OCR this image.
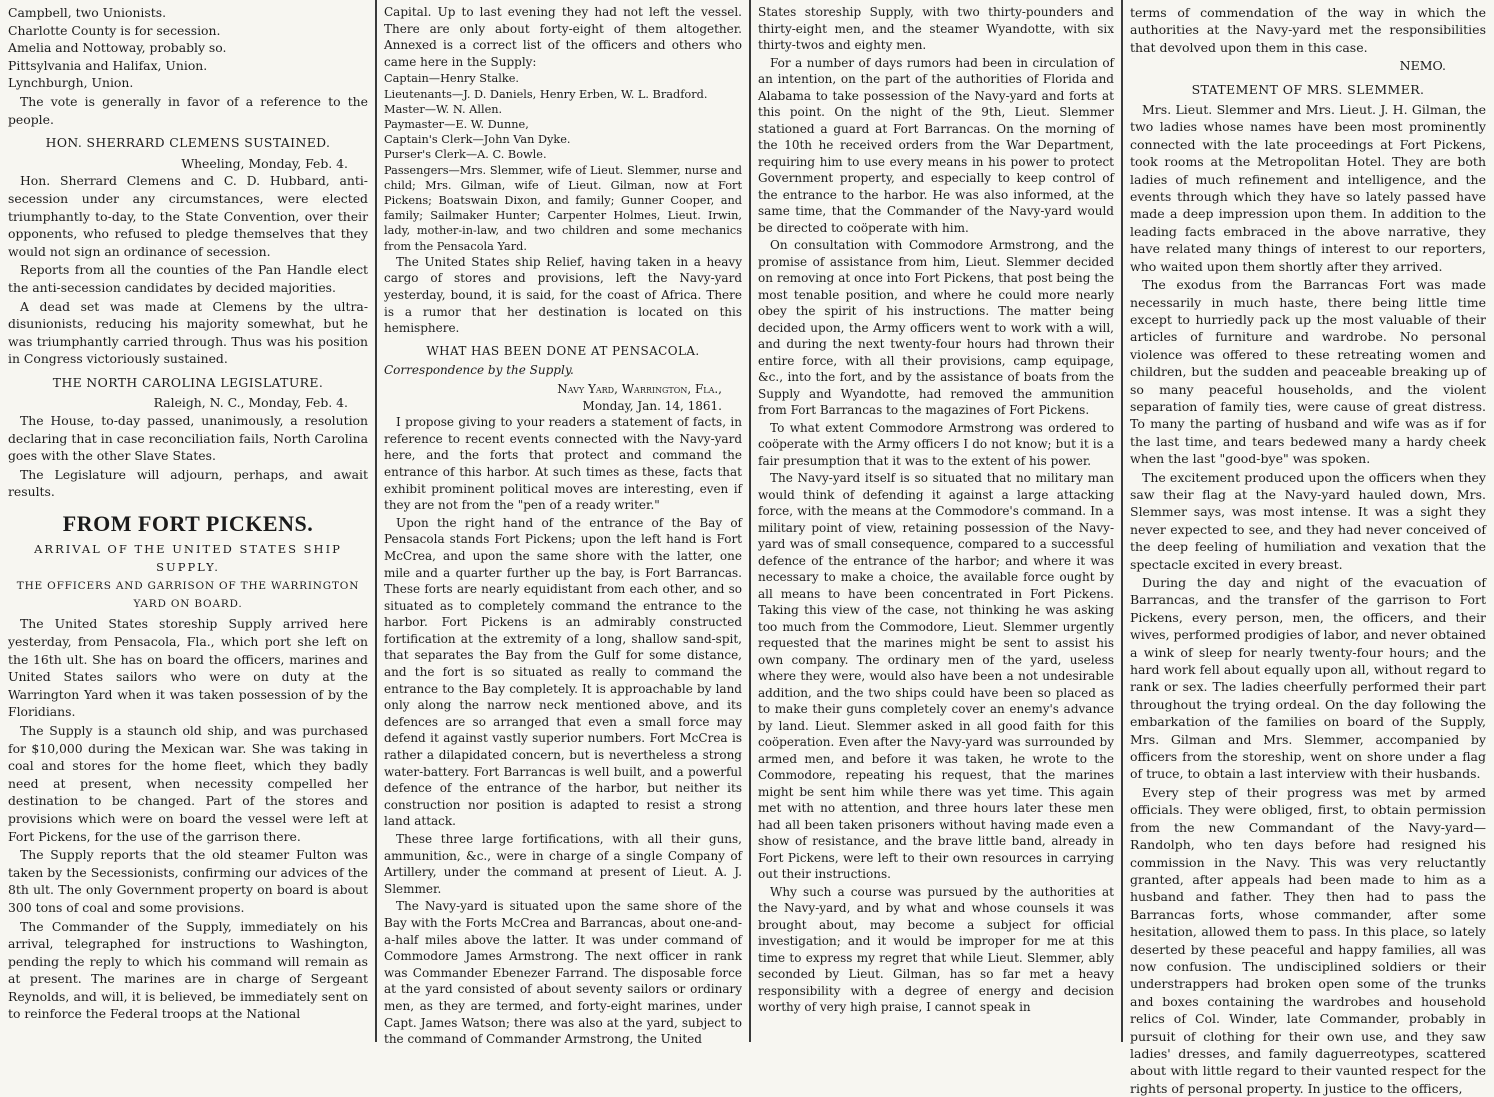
Campbell, two Unionists.
Charlotte County is for secession.
Amelia and Nottoway, probably so.
Pittsylvania and Halifax, Union.
Lynchburgh, Union.

The vote is generally in favor of a reference to the people.

HON. SHERRARD CLEMENS SUSTAINED.
Wheeling, Monday, Feb. 4.

Hon. Sherrard Clemens and C. D. Hubbard, anti-secession under any circumstances, were elected triumphantly to-day, to the State Convention, over their opponents, who refused to pledge themselves that they would not sign an ordinance of secession.

Reports from all the counties of the Pan Handle elect the anti-secession candidates by decided majorities.

A dead set was made at Clemens by the ultra-disunionists, reducing his majority somewhat, but he was triumphantly carried through. Thus was his position in Congress victoriously sustained.

THE NORTH CAROLINA LEGISLATURE.
Raleigh, N. C., Monday, Feb. 4.

The House, to-day passed, unanimously, a resolution declaring that in case reconciliation fails, North Carolina goes with the other Slave States.

The Legislature will adjourn, perhaps, and await results.

FROM FORT PICKENS.
ARRIVAL OF THE UNITED STATES SHIP SUPPLY.
THE OFFICERS AND GARRISON OF THE WARRINGTON YARD ON BOARD.

The United States storeship Supply arrived here yesterday, from Pensacola, Fla., which port she left on the 16th ult. She has on board the officers, marines and United States sailors who were on duty at the Warrington Yard when it was taken possession of by the Floridians.

The Supply is a staunch old ship, and was purchased for $10,000 during the Mexican war. She was taking in coal and stores for the home fleet, which they badly need at present, when necessity compelled her destination to be changed. Part of the stores and provisions which were on board the vessel were left at Fort Pickens, for the use of the garrison there.

The Supply reports that the old steamer Fulton was taken by the Secessionists, confirming our advices of the 8th ult. The only Government property on board is about 300 tons of coal and some provisions.

The Commander of the Supply, immediately on his arrival, telegraphed for instructions to Washington, pending the reply to which his command will remain as at present. The marines are in charge of Sergeant Reynolds, and will, it is believed, be immediately sent on to reinforce the Federal troops at the National

Capital. Up to last evening they had not left the vessel. There are only about forty-eight of them altogether. Annexed is a correct list of the officers and others who came here in the Supply:

Captain—Henry Stalke.
Lieutenants—J. D. Daniels, Henry Erben, W. L. Bradford.
Master—W. N. Allen.
Paymaster—E. W. Dunne,
Captain's Clerk—John Van Dyke.
Purser's Clerk—A. C. Bowle.
Passengers—Mrs. Slemmer, wife of Lieut. Slemmer, nurse and child; Mrs. Gilman, wife of Lieut. Gilman, now at Fort Pickens; Boatswain Dixon, and family; Gunner Cooper, and family; Sailmaker Hunter; Carpenter Holmes, Lieut. Irwin, lady, mother-in-law, and two children and some mechanics from the Pensacola Yard.

The United States ship Relief, having taken in a heavy cargo of stores and provisions, left the Navy-yard yesterday, bound, it is said, for the coast of Africa. There is a rumor that her destination is located on this hemisphere.

WHAT HAS BEEN DONE AT PENSACOLA.
Correspondence by the Supply.
Navy Yard, Warrington, Fla.,
Monday, Jan. 14, 1861.

I propose giving to your readers a statement of facts, in reference to recent events connected with the Navy-yard here, and the forts that protect and command the entrance of this harbor. At such times as these, facts that exhibit prominent political moves are interesting, even if they are not from the "pen of a ready writer."

Upon the right hand of the entrance of the Bay of Pensacola stands Fort Pickens; upon the left hand is Fort McCrea, and upon the same shore with the latter, one mile and a quarter further up the bay, is Fort Barrancas. These forts are nearly equidistant from each other, and so situated as to completely command the entrance to the harbor. Fort Pickens is an admirably constructed fortification at the extremity of a long, shallow sand-spit, that separates the Bay from the Gulf for some distance, and the fort is so situated as really to command the entrance to the Bay completely. It is approachable by land only along the narrow neck mentioned above, and its defences are so arranged that even a small force may defend it against vastly superior numbers. Fort McCrea is rather a dilapidated concern, but is nevertheless a strong water-battery. Fort Barrancas is well built, and a powerful defence of the entrance of the harbor, but neither its construction nor position is adapted to resist a strong land attack.

These three large fortifications, with all their guns, ammunition, &c., were in charge of a single Company of Artillery, under the command at present of Lieut. A. J. Slemmer.

The Navy-yard is situated upon the same shore of the Bay with the Forts McCrea and Barrancas, about one-and-a-half miles above the latter. It was under command of Commodore James Armstrong. The next officer in rank was Commander Ebenezer Farrand. The disposable force at the yard consisted of about seventy sailors or ordinary men, as they are termed, and forty-eight marines, under Capt. James Watson; there was also at the yard, subject to the command of Commander Armstrong, the United

States storeship Supply, with two thirty-pounders and thirty-eight men, and the steamer Wyandotte, with six thirty-twos and eighty men.

For a number of days rumors had been in circulation of an intention, on the part of the authorities of Florida and Alabama to take possession of the Navy-yard and forts at this point. On the night of the 9th, Lieut. Slemmer stationed a guard at Fort Barrancas. On the morning of the 10th he received orders from the War Department, requiring him to use every means in his power to protect Government property, and especially to keep control of the entrance to the harbor. He was also informed, at the same time, that the Commander of the Navy-yard would be directed to coöperate with him.

On consultation with Commodore Armstrong, and the promise of assistance from him, Lieut. Slemmer decided on removing at once into Fort Pickens, that post being the most tenable position, and where he could more nearly obey the spirit of his instructions. The matter being decided upon, the Army officers went to work with a will, and during the next twenty-four hours had thrown their entire force, with all their provisions, camp equipage, &c., into the fort, and by the assistance of boats from the Supply and Wyandotte, had removed the ammunition from Fort Barrancas to the magazines of Fort Pickens.

To what extent Commodore Armstrong was ordered to coöperate with the Army officers I do not know; but it is a fair presumption that it was to the extent of his power.

The Navy-yard itself is so situated that no military man would think of defending it against a large attacking force, with the means at the Commodore's command. In a military point of view, retaining possession of the Navy-yard was of small consequence, compared to a successful defence of the entrance of the harbor; and where it was necessary to make a choice, the available force ought by all means to have been concentrated in Fort Pickens. Taking this view of the case, not thinking he was asking too much from the Commodore, Lieut. Slemmer urgently requested that the marines might be sent to assist his own company. The ordinary men of the yard, useless where they were, would also have been a not undesirable addition, and the two ships could have been so placed as to make their guns completely cover an enemy's advance by land. Lieut. Slemmer asked in all good faith for this coöperation. Even after the Navy-yard was surrounded by armed men, and before it was taken, he wrote to the Commodore, repeating his request, that the marines might be sent him while there was yet time. This again met with no attention, and three hours later these men had all been taken prisoners without having made even a show of resistance, and the brave little band, already in Fort Pickens, were left to their own resources in carrying out their instructions.

Why such a course was pursued by the authorities at the Navy-yard, and by what and whose counsels it was brought about, may become a subject for official investigation; and it would be improper for me at this time to express my regret that while Lieut. Slemmer, ably seconded by Lieut. Gilman, has so far met a heavy responsibility with a degree of energy and decision worthy of very high praise, I cannot speak in

terms of commendation of the way in which the authorities at the Navy-yard met the responsibilities that devolved upon them in this case.

NEMO.
STATEMENT OF MRS. SLEMMER.

Mrs. Lieut. Slemmer and Mrs. Lieut. J. H. Gilman, the two ladies whose names have been most prominently connected with the late proceedings at Fort Pickens, took rooms at the Metropolitan Hotel. They are both ladies of much refinement and intelligence, and the events through which they have so lately passed have made a deep impression upon them. In addition to the leading facts embraced in the above narrative, they have related many things of interest to our reporters, who waited upon them shortly after they arrived.

The exodus from the Barrancas Fort was made necessarily in much haste, there being little time except to hurriedly pack up the most valuable of their articles of furniture and wardrobe. No personal violence was offered to these retreating women and children, but the sudden and peaceable breaking up of so many peaceful households, and the violent separation of family ties, were cause of great distress. To many the parting of husband and wife was as if for the last time, and tears bedewed many a hardy cheek when the last "good-bye" was spoken.

The excitement produced upon the officers when they saw their flag at the Navy-yard hauled down, Mrs. Slemmer says, was most intense. It was a sight they never expected to see, and they had never conceived of the deep feeling of humiliation and vexation that the spectacle excited in every breast.

During the day and night of the evacuation of Barrancas, and the transfer of the garrison to Fort Pickens, every person, men, the officers, and their wives, performed prodigies of labor, and never obtained a wink of sleep for nearly twenty-four hours; and the hard work fell about equally upon all, without regard to rank or sex. The ladies cheerfully performed their part throughout the trying ordeal. On the day following the embarkation of the families on board of the Supply, Mrs. Gilman and Mrs. Slemmer, accompanied by officers from the storeship, went on shore under a flag of truce, to obtain a last interview with their husbands.

Every step of their progress was met by armed officials. They were obliged, first, to obtain permission from the new Commandant of the Navy-yard—Randolph, who ten days before had resigned his commission in the Navy. This was very reluctantly granted, after appeals had been made to him as a husband and father. They then had to pass the Barrancas forts, whose commander, after some hesitation, allowed them to pass. In this place, so lately deserted by these peaceful and happy families, all was now confusion. The undisciplined soldiers or their understrappers had broken open some of the trunks and boxes containing the wardrobes and household relics of Col. Winder, late Commander, probably in pursuit of clothing for their own use, and they saw ladies' dresses, and family daguerreotypes, scattered about with little regard to their vaunted respect for the rights of personal property. In justice to the officers,
